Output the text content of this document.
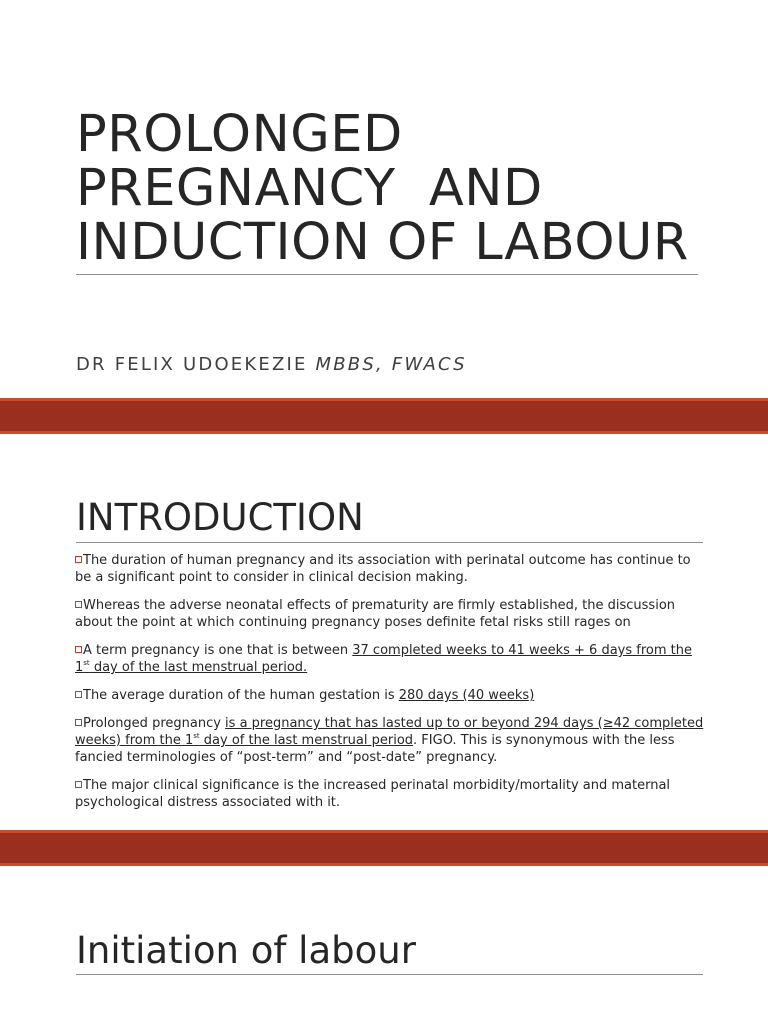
PROLONGED
PREGNANCY  AND
INDUCTION OF LABOUR
DR FELIX UDOEKEZIE MBBS, FWACS
INTRODUCTION
The duration of human pregnancy and its association with perinatal outcome has continue to be a significant point to consider in clinical decision making.
Whereas the adverse neonatal effects of prematurity are firmly established, the discussion about the point at which continuing pregnancy poses definite fetal risks still rages on
A term pregnancy is one that is between 37 completed weeks to 41 weeks + 6 days from the 1st day of the last menstrual period.
The average duration of the human gestation is 280 days (40 weeks)
Prolonged pregnancy is a pregnancy that has lasted up to or beyond 294 days (≥42 completed weeks) from the 1st day of the last menstrual period. FIGO. This is synonymous with the less fancied terminologies of “post-term” and “post-date” pregnancy.
The major clinical significance is the increased perinatal morbidity/mortality and maternal psychological distress associated with it.
Initiation of labour
